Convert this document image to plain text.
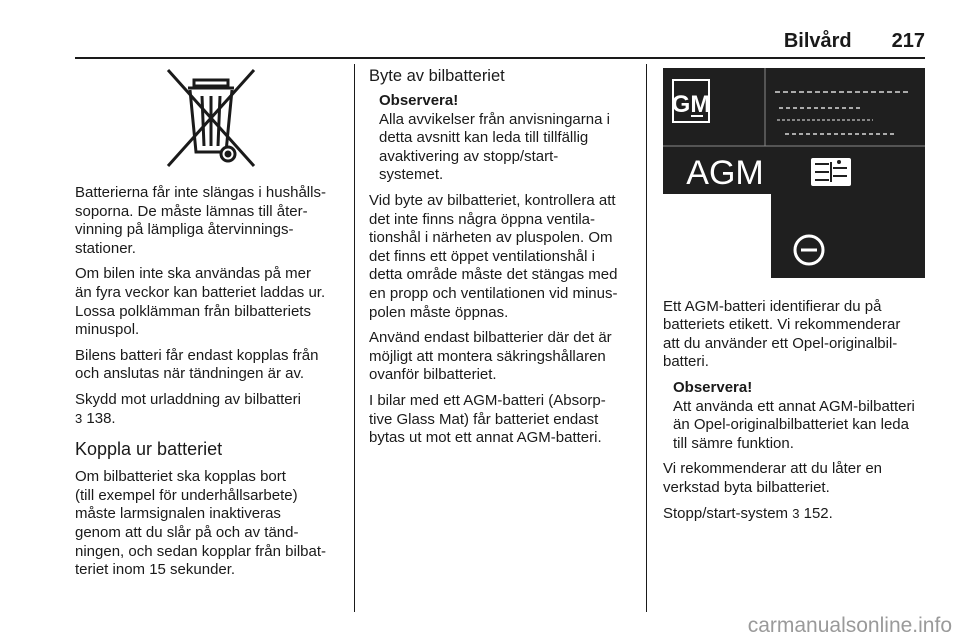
Bilvård 217

Batterierna får inte slängas i hushålls-
soporna. De måste lämnas till åter-
vinning på lämpliga återvinnings-
stationer.

Om bilen inte ska användas på mer
än fyra veckor kan batteriet laddas ur.
Lossa polklämman från bilbatteriets
minuspol.

Bilens batteri får endast kopplas från
och anslutas när tändningen är av.

Skydd mot urladdning av bilbatteri
3 138.

Koppla ur batteriet

Om bilbatteriet ska kopplas bort
(till exempel för underhållsarbete)
måste larmsignalen inaktiveras
genom att du slår på och av tänd-
ningen, och sedan kopplar från bilbat-
teriet inom 15 sekunder.

Byte av bilbatteriet
Observera!
Alla avvikelser från anvisningarna i
detta avsnitt kan leda till tillfällig
avaktivering av stopp/start-
systemet.

Vid byte av bilbatteriet, kontrollera att
det inte finns några öppna ventila-
tionshål i närheten av pluspolen. Om
det finns ett öppet ventilationshål i
detta område måste det stängas med
en propp och ventilationen vid minus-
polen måste öppnas.

Använd endast bilbatterier där det är
möjligt att montera säkringshållaren
ovanför bilbatteriet.

I bilar med ett AGM-batteri (Absorp-
tive Glass Mat) får batteriet endast
bytas ut mot ett annat AGM-batteri.

GM
AGM

Ett AGM-batteri identifierar du på
batteriets etikett. Vi rekommenderar
att du använder ett Opel-originalbil-
batteri.

Observera!
Att använda ett annat AGM-bilbatteri
än Opel-originalbilbatteriet kan leda
till sämre funktion.

Vi rekommenderar att du låter en
verkstad byta bilbatteriet.

Stopp/start-system 3 152.

carmanualsonline.info
